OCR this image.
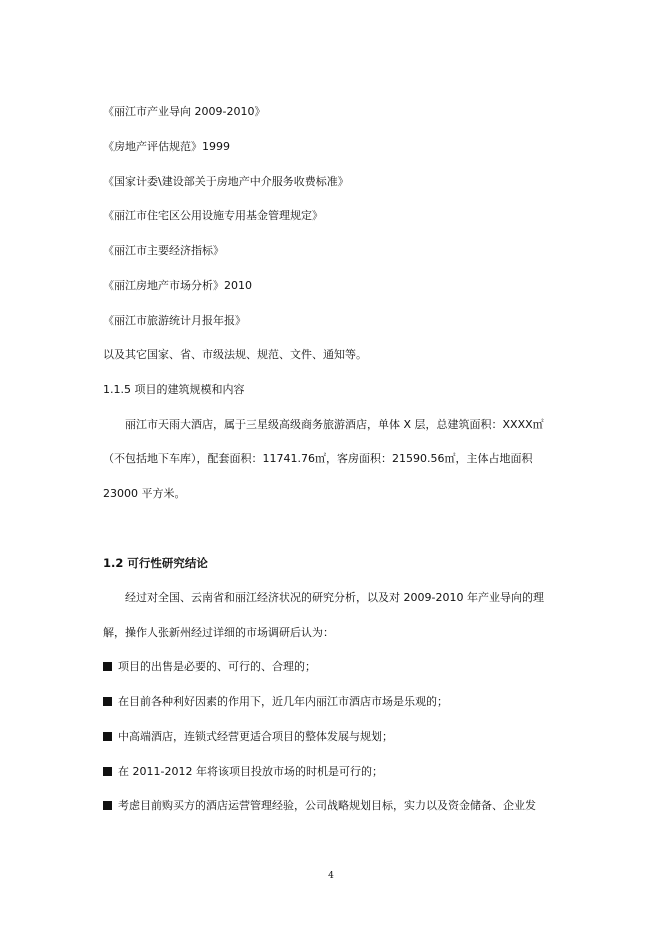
《丽江市产业导向 2009-2010》
《房地产评估规范》1999
《国家计委\建设部关于房地产中介服务收费标准》
《丽江市住宅区公用设施专用基金管理规定》
《丽江市主要经济指标》
《丽江房地产市场分析》2010
《丽江市旅游统计月报年报》
以及其它国家、省、市级法规、规范、文件、通知等。
1.1.5 项目的建筑规模和内容
丽江市天雨大酒店，属于三星级高级商务旅游酒店，单体 X 层，总建筑面积：XXXX㎡
（不包括地下车库），配套面积：11741.76㎡，客房面积：21590.56㎡，主体占地面积
23000 平方米。
1.2 可行性研究结论
经过对全国、云南省和丽江经济状况的研究分析，以及对 2009-2010 年产业导向的理
解，操作人张新州经过详细的市场调研后认为：
项目的出售是必要的、可行的、合理的；
在目前各种利好因素的作用下，近几年内丽江市酒店市场是乐观的；
中高端酒店，连锁式经营更适合项目的整体发展与规划；
在 2011-2012 年将该项目投放市场的时机是可行的；
考虑目前购买方的酒店运营管理经验，公司战略规划目标，实力以及资金储备、企业发
4
